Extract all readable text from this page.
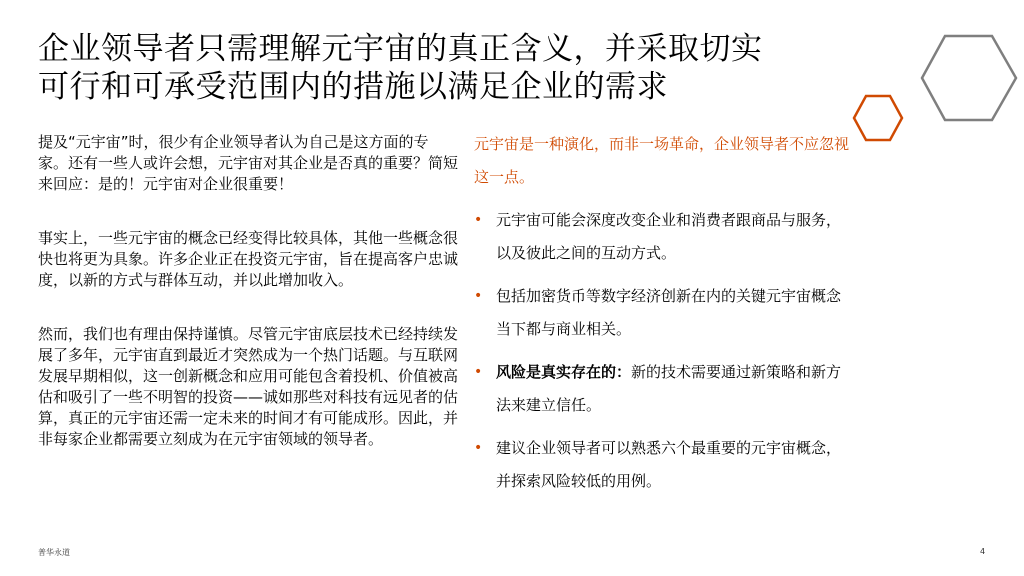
企业领导者只需理解元宇宙的真正含义，并采取切实
可行和可承受范围内的措施以满足企业的需求

提及“元宇宙”时，很少有企业领导者认为自己是这方面的专家。还有一些人或许会想，元宇宙对其企业是否真的重要？简短来回应：是的！元宇宙对企业很重要！

事实上，一些元宇宙的概念已经变得比较具体，其他一些概念很快也将更为具象。许多企业正在投资元宇宙，旨在提高客户忠诚度，以新的方式与群体互动，并以此增加收入。

然而，我们也有理由保持谨慎。尽管元宇宙底层技术已经持续发展了多年，元宇宙直到最近才突然成为一个热门话题。与互联网发展早期相似，这一创新概念和应用可能包含着投机、价值被高估和吸引了一些不明智的投资——诚如那些对科技有远见者的估算，真正的元宇宙还需一定未来的时间才有可能成形。因此，并非每家企业都需要立刻成为在元宇宙领域的领导者。

元宇宙是一种演化，而非一场革命，企业领导者不应忽视这一点。

• 元宇宙可能会深度改变企业和消费者跟商品与服务，以及彼此之间的互动方式。
• 包括加密货币等数字经济创新在内的关键元宇宙概念当下都与商业相关。
• 风险是真实存在的：新的技术需要通过新策略和新方法来建立信任。
• 建议企业领导者可以熟悉六个最重要的元宇宙概念，并探索风险较低的用例。
普华永道	4
